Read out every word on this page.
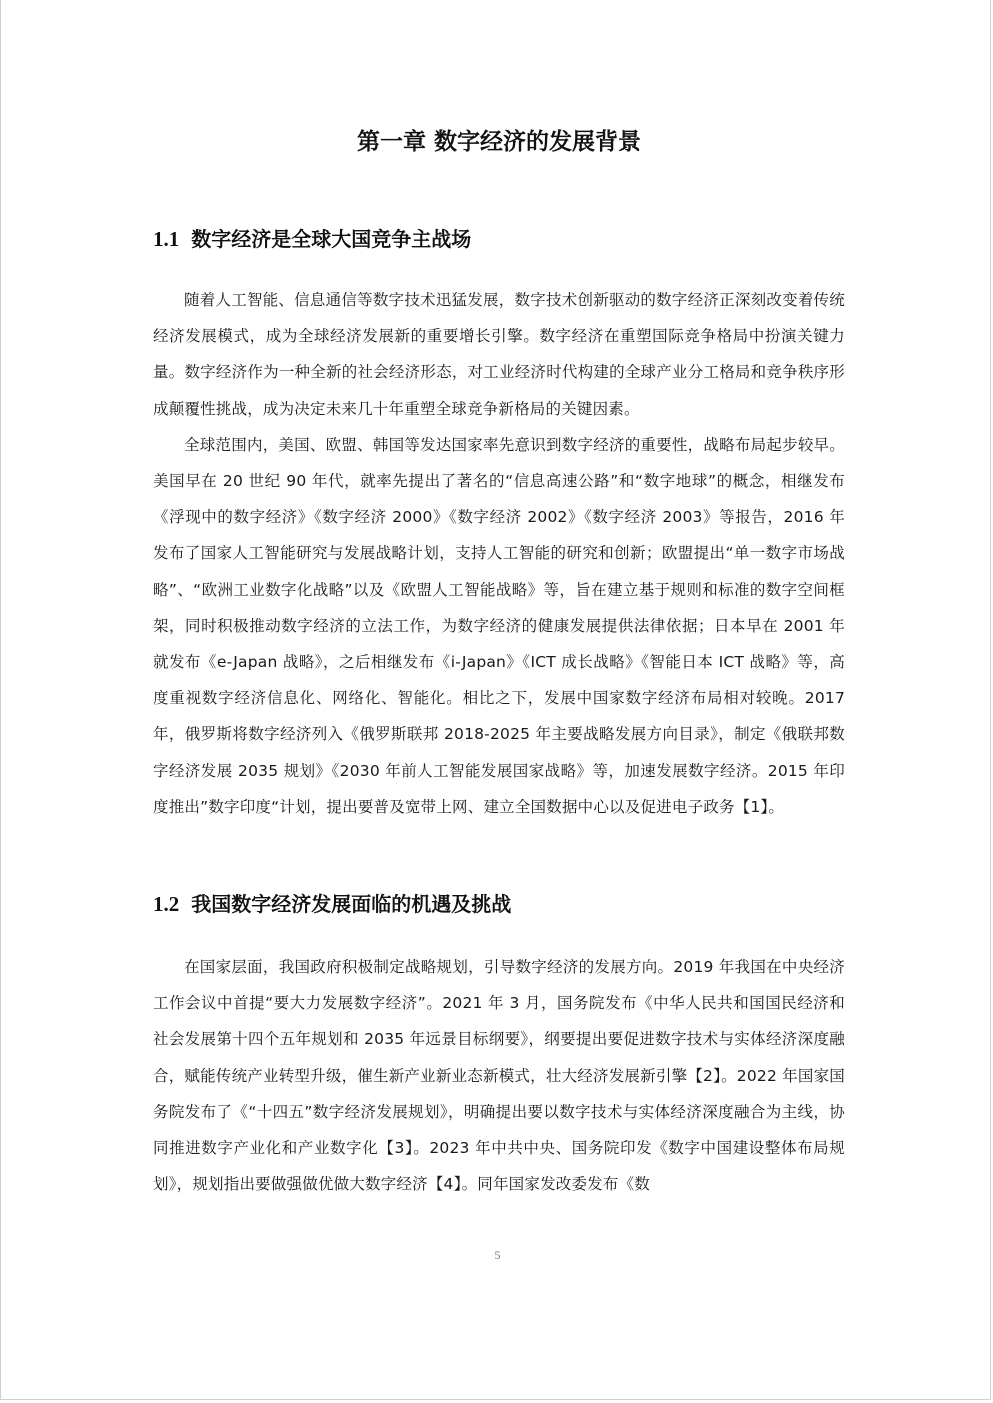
第一章 数字经济的发展背景
1.1 数字经济是全球大国竞争主战场

随着人工智能、信息通信等数字技术迅猛发展，数字技术创新驱动的数字经济正深刻改变着传统经济发展模式，成为全球经济发展新的重要增长引擎。数字经济在重塑国际竞争格局中扮演关键力量。数字经济作为一种全新的社会经济形态，对工业经济时代构建的全球产业分工格局和竞争秩序形成颠覆性挑战，成为决定未来几十年重塑全球竞争新格局的关键因素。

全球范围内，美国、欧盟、韩国等发达国家率先意识到数字经济的重要性，战略布局起步较早。美国早在 20 世纪 90 年代，就率先提出了著名的“信息高速公路”和“数字地球”的概念，相继发布《浮现中的数字经济》《数字经济 2000》《数字经济 2002》《数字经济 2003》等报告，2016 年发布了国家人工智能研究与发展战略计划，支持人工智能的研究和创新；欧盟提出“单一数字市场战略”、“欧洲工业数字化战略”以及《欧盟人工智能战略》等，旨在建立基于规则和标准的数字空间框架，同时积极推动数字经济的立法工作，为数字经济的健康发展提供法律依据；日本早在 2001 年就发布《e-Japan 战略》，之后相继发布《i-Japan》《ICT 成长战略》《智能日本 ICT 战略》等，高度重视数字经济信息化、网络化、智能化。相比之下，发展中国家数字经济布局相对较晚。2017 年，俄罗斯将数字经济列入《俄罗斯联邦 2018-2025 年主要战略发展方向目录》，制定《俄联邦数字经济发展 2035 规划》《2030 年前人工智能发展国家战略》等，加速发展数字经济。2015 年印度推出”数字印度“计划，提出要普及宽带上网、建立全国数据中心以及促进电子政务【1】。

1.2 我国数字经济发展面临的机遇及挑战

在国家层面，我国政府积极制定战略规划，引导数字经济的发展方向。2019 年我国在中央经济工作会议中首提“要大力发展数字经济”。2021 年 3 月，国务院发布《中华人民共和国国民经济和社会发展第十四个五年规划和 2035 年远景目标纲要》，纲要提出要促进数字技术与实体经济深度融合，赋能传统产业转型升级，催生新产业新业态新模式，壮大经济发展新引擎【2】。2022 年国家国务院发布了《“十四五”数字经济发展规划》，明确提出要以数字技术与实体经济深度融合为主线，协同推进数字产业化和产业数字化【3】。2023 年中共中央、国务院印发《数字中国建设整体布局规划》，规划指出要做强做优做大数字经济【4】。同年国家发改委发布《数

5
